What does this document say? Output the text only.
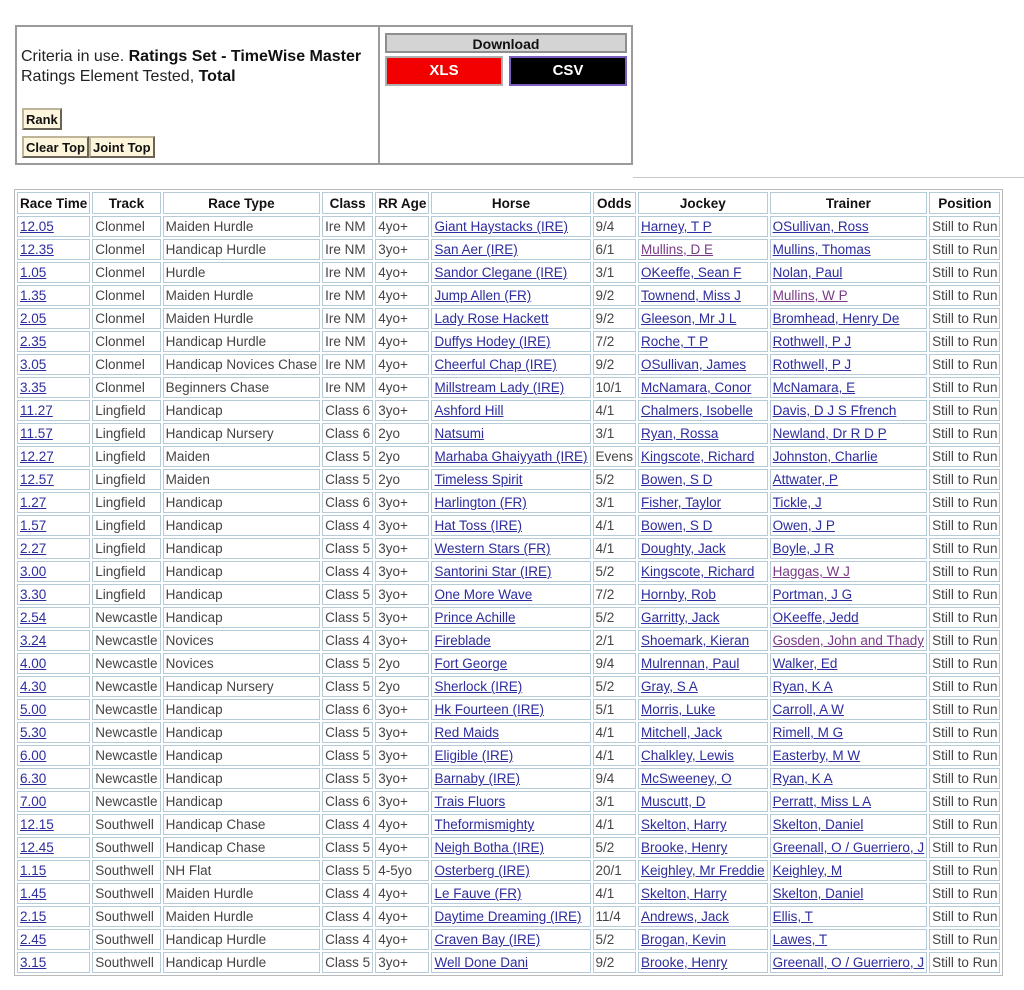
Criteria in use. Ratings Set - TimeWise Master
Ratings Element Tested, Total
Rank
Clear Top Joint Top
Download
XLS	CSV
Race Time	Track	Race Type	Class	RR Age	Horse	Odds	Jockey	Trainer	Position
12.05	Clonmel	Maiden Hurdle	Ire NM	4yo+	Giant Haystacks (IRE)	9/4	Harney, T P	OSullivan, Ross	Still to Run
12.35	Clonmel	Handicap Hurdle	Ire NM	3yo+	San Aer (IRE)	6/1	Mullins, D E	Mullins, Thomas	Still to Run
1.05	Clonmel	Hurdle	Ire NM	4yo+	Sandor Clegane (IRE)	3/1	OKeeffe, Sean F	Nolan, Paul	Still to Run
1.35	Clonmel	Maiden Hurdle	Ire NM	4yo+	Jump Allen (FR)	9/2	Townend, Miss J	Mullins, W P	Still to Run
2.05	Clonmel	Maiden Hurdle	Ire NM	4yo+	Lady Rose Hackett	9/2	Gleeson, Mr J L	Bromhead, Henry De	Still to Run
2.35	Clonmel	Handicap Hurdle	Ire NM	4yo+	Duffys Hodey (IRE)	7/2	Roche, T P	Rothwell, P J	Still to Run
3.05	Clonmel	Handicap Novices Chase	Ire NM	4yo+	Cheerful Chap (IRE)	9/2	OSullivan, James	Rothwell, P J	Still to Run
3.35	Clonmel	Beginners Chase	Ire NM	4yo+	Millstream Lady (IRE)	10/1	McNamara, Conor	McNamara, E	Still to Run
11.27	Lingfield	Handicap	Class 6	3yo+	Ashford Hill	4/1	Chalmers, Isobelle	Davis, D J S Ffrench	Still to Run
11.57	Lingfield	Handicap Nursery	Class 6	2yo	Natsumi	3/1	Ryan, Rossa	Newland, Dr R D P	Still to Run
12.27	Lingfield	Maiden	Class 5	2yo	Marhaba Ghaiyyath (IRE)	Evens	Kingscote, Richard	Johnston, Charlie	Still to Run
12.57	Lingfield	Maiden	Class 5	2yo	Timeless Spirit	5/2	Bowen, S D	Attwater, P	Still to Run
1.27	Lingfield	Handicap	Class 6	3yo+	Harlington (FR)	3/1	Fisher, Taylor	Tickle, J	Still to Run
1.57	Lingfield	Handicap	Class 4	3yo+	Hat Toss (IRE)	4/1	Bowen, S D	Owen, J P	Still to Run
2.27	Lingfield	Handicap	Class 5	3yo+	Western Stars (FR)	4/1	Doughty, Jack	Boyle, J R	Still to Run
3.00	Lingfield	Handicap	Class 4	3yo+	Santorini Star (IRE)	5/2	Kingscote, Richard	Haggas, W J	Still to Run
3.30	Lingfield	Handicap	Class 5	3yo+	One More Wave	7/2	Hornby, Rob	Portman, J G	Still to Run
2.54	Newcastle	Handicap	Class 5	3yo+	Prince Achille	5/2	Garritty, Jack	OKeeffe, Jedd	Still to Run
3.24	Newcastle	Novices	Class 4	3yo+	Fireblade	2/1	Shoemark, Kieran	Gosden, John and Thady	Still to Run
4.00	Newcastle	Novices	Class 5	2yo	Fort George	9/4	Mulrennan, Paul	Walker, Ed	Still to Run
4.30	Newcastle	Handicap Nursery	Class 5	2yo	Sherlock (IRE)	5/2	Gray, S A	Ryan, K A	Still to Run
5.00	Newcastle	Handicap	Class 6	3yo+	Hk Fourteen (IRE)	5/1	Morris, Luke	Carroll, A W	Still to Run
5.30	Newcastle	Handicap	Class 5	3yo+	Red Maids	4/1	Mitchell, Jack	Rimell, M G	Still to Run
6.00	Newcastle	Handicap	Class 5	3yo+	Eligible (IRE)	4/1	Chalkley, Lewis	Easterby, M W	Still to Run
6.30	Newcastle	Handicap	Class 5	3yo+	Barnaby (IRE)	9/4	McSweeney, O	Ryan, K A	Still to Run
7.00	Newcastle	Handicap	Class 6	3yo+	Trais Fluors	3/1	Muscutt, D	Perratt, Miss L A	Still to Run
12.15	Southwell	Handicap Chase	Class 4	4yo+	Theformismighty	4/1	Skelton, Harry	Skelton, Daniel	Still to Run
12.45	Southwell	Handicap Chase	Class 5	4yo+	Neigh Botha (IRE)	5/2	Brooke, Henry	Greenall, O / Guerriero, J	Still to Run
1.15	Southwell	NH Flat	Class 5	4-5yo	Osterberg (IRE)	20/1	Keighley, Mr Freddie	Keighley, M	Still to Run
1.45	Southwell	Maiden Hurdle	Class 4	4yo+	Le Fauve (FR)	4/1	Skelton, Harry	Skelton, Daniel	Still to Run
2.15	Southwell	Maiden Hurdle	Class 4	4yo+	Daytime Dreaming (IRE)	11/4	Andrews, Jack	Ellis, T	Still to Run
2.45	Southwell	Handicap Hurdle	Class 4	4yo+	Craven Bay (IRE)	5/2	Brogan, Kevin	Lawes, T	Still to Run
3.15	Southwell	Handicap Hurdle	Class 5	3yo+	Well Done Dani	9/2	Brooke, Henry	Greenall, O / Guerriero, J	Still to Run
